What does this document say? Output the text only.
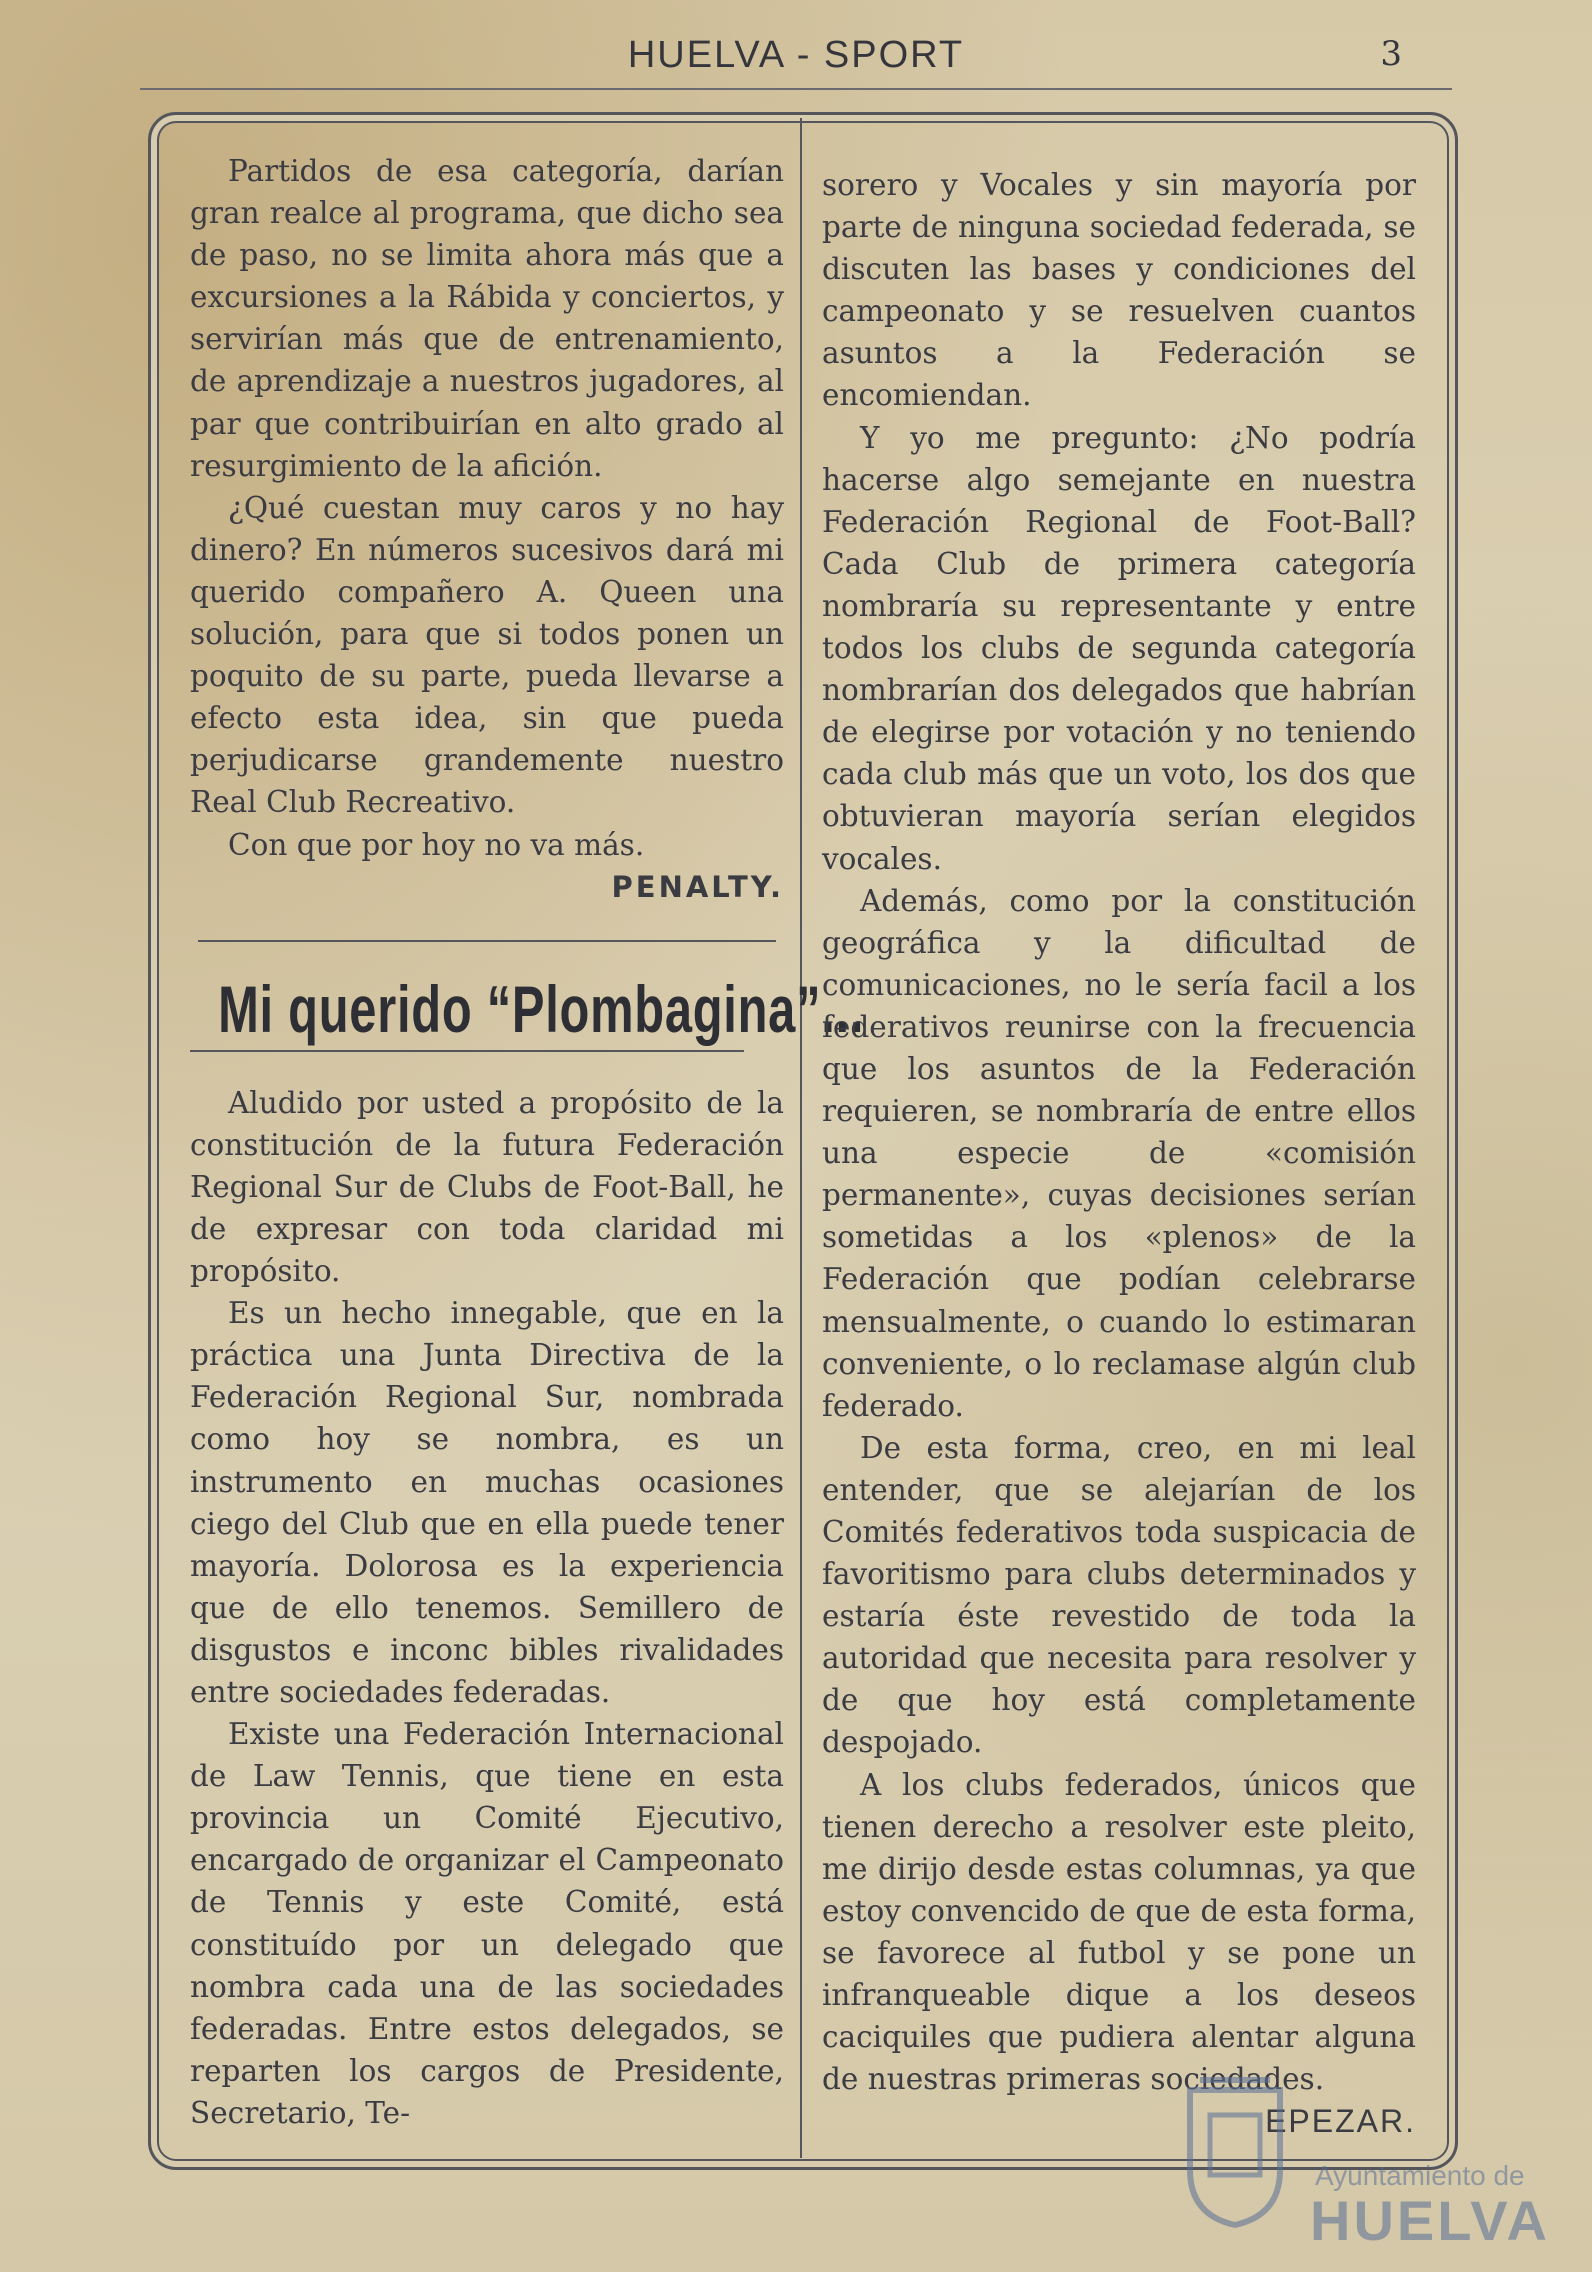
HUELVA - SPORT	3

Partidos de esa categoría, darían gran realce al programa, que dicho sea de paso, no se limita ahora más que a excursiones a la Rábida y conciertos, y servirían más que de entrenamiento, de aprendizaje a nuestros jugadores, al par que contribuirían en alto grado al resurgimiento de la afición.

¿Qué cuestan muy caros y no hay dinero? En números sucesivos dará mi querido compañero A. Queen una solución, para que si todos ponen un poquito de su parte, pueda llevarse a efecto esta idea, sin que pueda perjudicarse grandemente nuestro Real Club Recreativo.

Con que por hoy no va más.

PENALTY.

Mi querido “Plombagina”...

Aludido por usted a propósito de la constitución de la futura Federación Regional Sur de Clubs de Foot-Ball, he de expresar con toda claridad mi propósito.

Es un hecho innegable, que en la práctica una Junta Directiva de la Federación Regional Sur, nombrada como hoy se nombra, es un instrumento en muchas ocasiones ciego del Club que en ella puede tener mayoría. Dolorosa es la experiencia que de ello tenemos. Semillero de disgustos e inconc bibles rivalidades entre sociedades federadas.

Existe una Federación Internacional de Law Tennis, que tiene en esta provincia un Comité Ejecutivo, encargado de organizar el Campeonato de Tennis y este Comité, está constituído por un delegado que nombra cada una de las sociedades federadas. Entre estos delegados, se reparten los cargos de Presidente, Secretario, Te-

sorero y Vocales y sin mayoría por parte de ninguna sociedad federada, se discuten las bases y condiciones del campeonato y se resuelven cuantos asuntos a la Federación se encomiendan.

Y yo me pregunto: ¿No podría hacerse algo semejante en nuestra Federación Regional de Foot-Ball? Cada Club de primera categoría nombraría su representante y entre todos los clubs de segunda categoría nombrarían dos delegados que habrían de elegirse por votación y no teniendo cada club más que un voto, los dos que obtuvieran mayoría serían elegidos vocales.

Además, como por la constitución geográfica y la dificultad de comunicaciones, no le sería facil a los federativos reunirse con la frecuencia que los asuntos de la Federación requieren, se nombraría de entre ellos una especie de «comisión permanente», cuyas decisiones serían sometidas a los «plenos» de la Federación que podían celebrarse mensualmente, o cuando lo estimaran conveniente, o lo reclamase algún club federado.

De esta forma, creo, en mi leal entender, que se alejarían de los Comités federativos toda suspicacia de favoritismo para clubs determinados y estaría éste revestido de toda la autoridad que necesita para resolver y de que hoy está completamente despojado.

A los clubs federados, únicos que tienen derecho a resolver este pleito, me dirijo desde estas columnas, ya que estoy convencido de que de esta forma, se favorece al futbol y se pone un infranqueable dique a los deseos caciquiles que pudiera alentar alguna de nuestras primeras sociedades.

EPEZAR.

Ayuntamiento de
HUELVA
